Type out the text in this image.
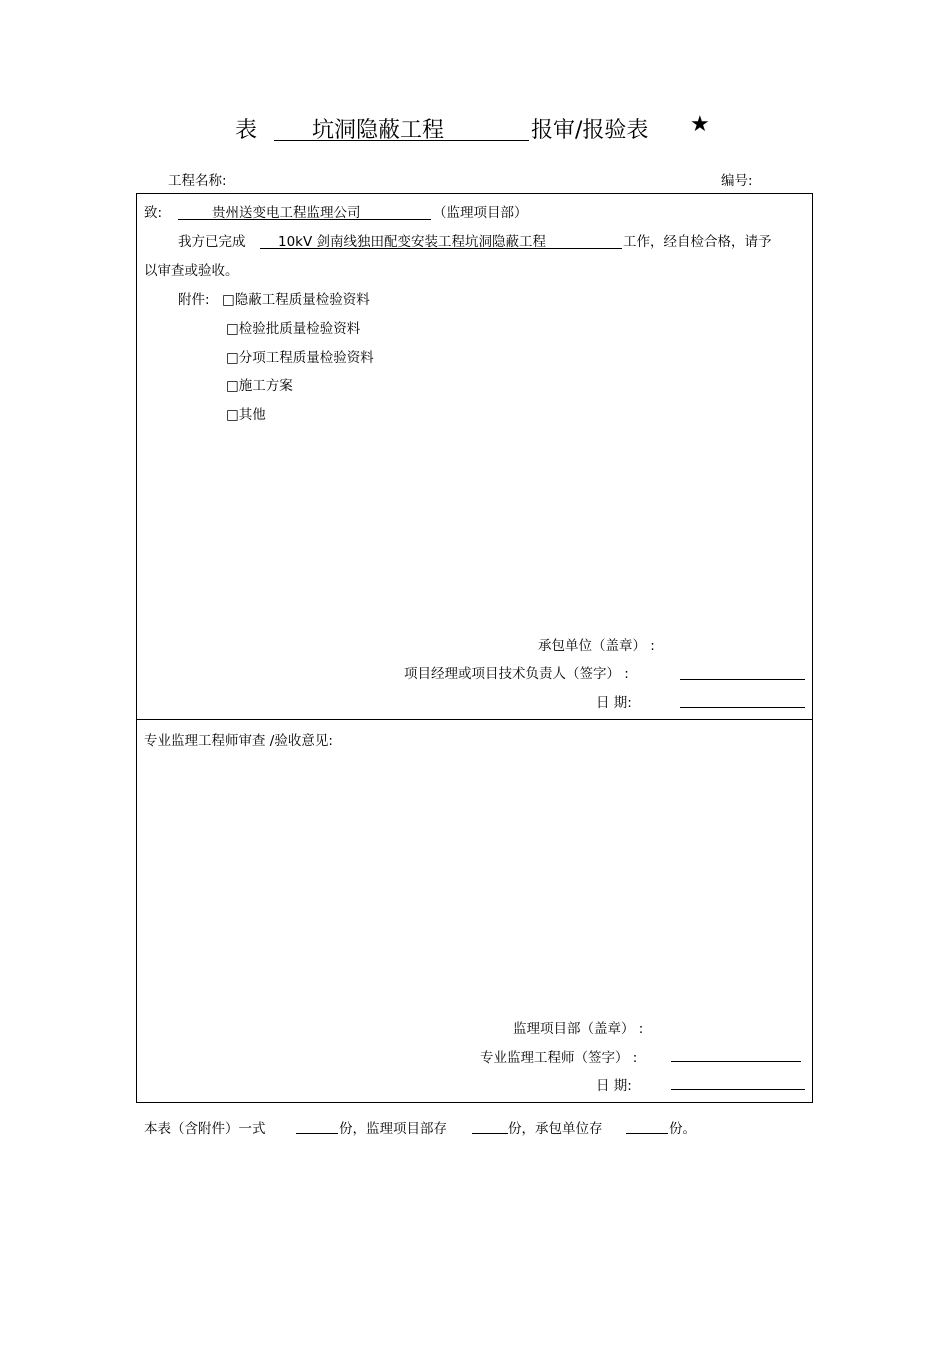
表 坑洞隐蔽工程	报审/报验表 ★
工程名称:	编号:
致:	贵州送变电工程监理公司	（监理项目部）
我方已完成 10kV 剑南线独田配变安装工程坑洞隐蔽工程	工作，经自检合格，请予
以审查或验收。
附件: □隐蔽工程质量检验资料
□检验批质量检验资料
□分项工程质量检验资料
□施工方案
□其他
承包单位（盖章） :
项目经理或项目技术负责人（签字） :
日 期:
专业监理工程师审查 /验收意见:
监理项目部（盖章） :
专业监理工程师（签字） :
日 期:
本表（含附件）一式	份，监理项目部存	份，承包单位存	份。
